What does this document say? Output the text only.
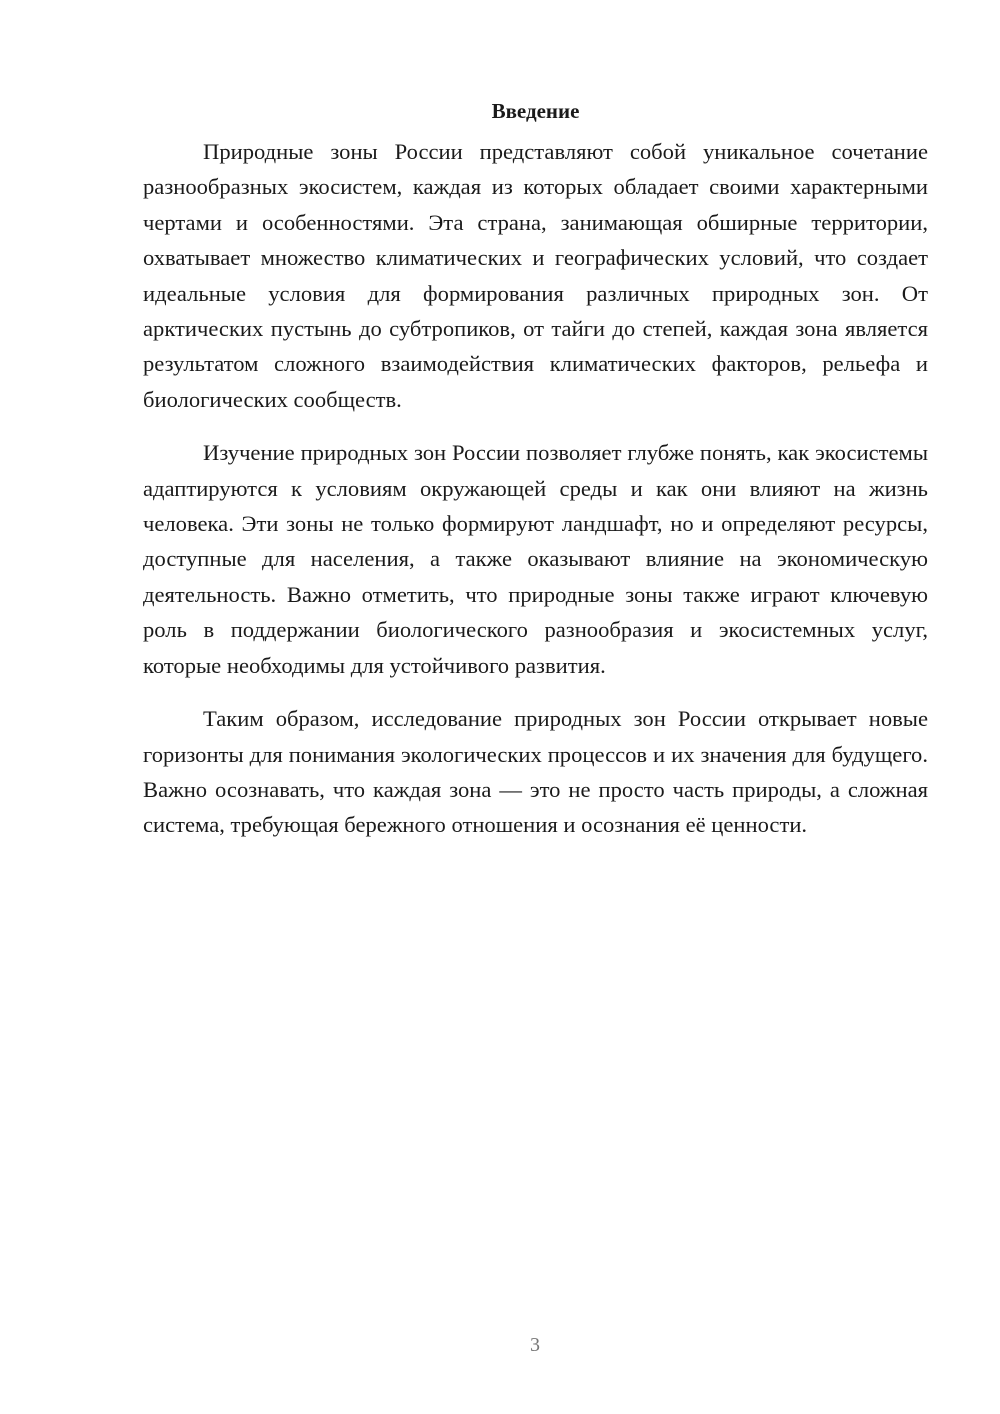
Введение

Природные зоны России представляют собой уникальное сочетание разнообразных экосистем, каждая из которых обладает своими характерными чертами и особенностями. Эта страна, занимающая обширные территории, охватывает множество климатических и географических условий, что создает идеальные условия для формирования различных природных зон. От арктических пустынь до субтропиков, от тайги до степей, каждая зона является результатом сложного взаимодействия климатических факторов, рельефа и биологических сообществ.

Изучение природных зон России позволяет глубже понять, как экосистемы адаптируются к условиям окружающей среды и как они влияют на жизнь человека. Эти зоны не только формируют ландшафт, но и определяют ресурсы, доступные для населения, а также оказывают влияние на экономическую деятельность. Важно отметить, что природные зоны также играют ключевую роль в поддержании биологического разнообразия и экосистемных услуг, которые необходимы для устойчивого развития.

Таким образом, исследование природных зон России открывает новые горизонты для понимания экологических процессов и их значения для будущего. Важно осознавать, что каждая зона — это не просто часть природы, а сложная система, требующая бережного отношения и осознания её ценности.

3
